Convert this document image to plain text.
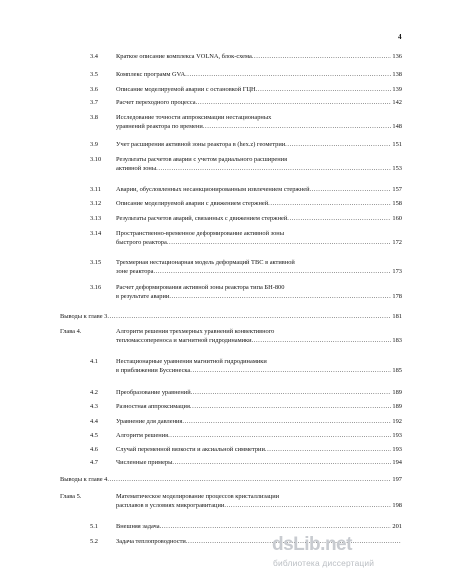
4
3.4	Краткое описание комплекса VOLNA, блок-схема .....	136
3.5	Комплекс программ GVA .....	138
3.6	Описание моделируемой аварии с остановкой ГЦН .....	139
3.7	Расчет переходного процесса .....	142
3.8	Исследование точности аппроксимации нестационарных
уравнений реактора по времени .....	148
3.9	Учет расширения активной зоны реактора в (hex.z) геометрии .....	151
3.10 Результаты расчетов аварии с учетом радиального расширения
активной зоны .....	153
3.11 Аварии, обусловленных несанкционированным извлечением стержней .....	157
3.12 Описание моделируемой аварии с движением стержней .....	158
3.13 Результаты расчетов аварий, связанных с движением стержней .....	160
3.14 Пространственно-временное деформирование активной зоны
быстрого реактора .....	172
3.15 Трехмерная нестационарная модель деформаций ТВС в активной
зоне реактора .....	173
3.16 Расчет деформирования активной зоны реактора типа БН-800
в результате аварии .....	178
Выводы к главе 3 .....	181
Глава 4.	Алгоритм решения трехмерных уравнений конвективного
тепломассопереноса и магнитной гидродинамики .....	183
4.1	Нестационарные уравнения магнитной гидродинамики
в приближении Буссинеска .....	185
4.2	Преобразование уравнений .....	189
4.3	Разностная аппроксимация .....	189
4.4	Уравнение для давления .....	192
4.5	Алгоритм решения .....	193
4.6	Случай переменной вязкости и аксиальной симметрии .....	193
4.7	Численные примеры .....	194
Выводы к главе 4 .....	197
Глава 5.	Математическое моделирование процессов кристаллизации
расплавов в условиях микрогравитации .....	198
5.1	Внешняя задача .....	201
5.2	Задача теплопроводности .....	dsLib.net
библиотека диссертаций
